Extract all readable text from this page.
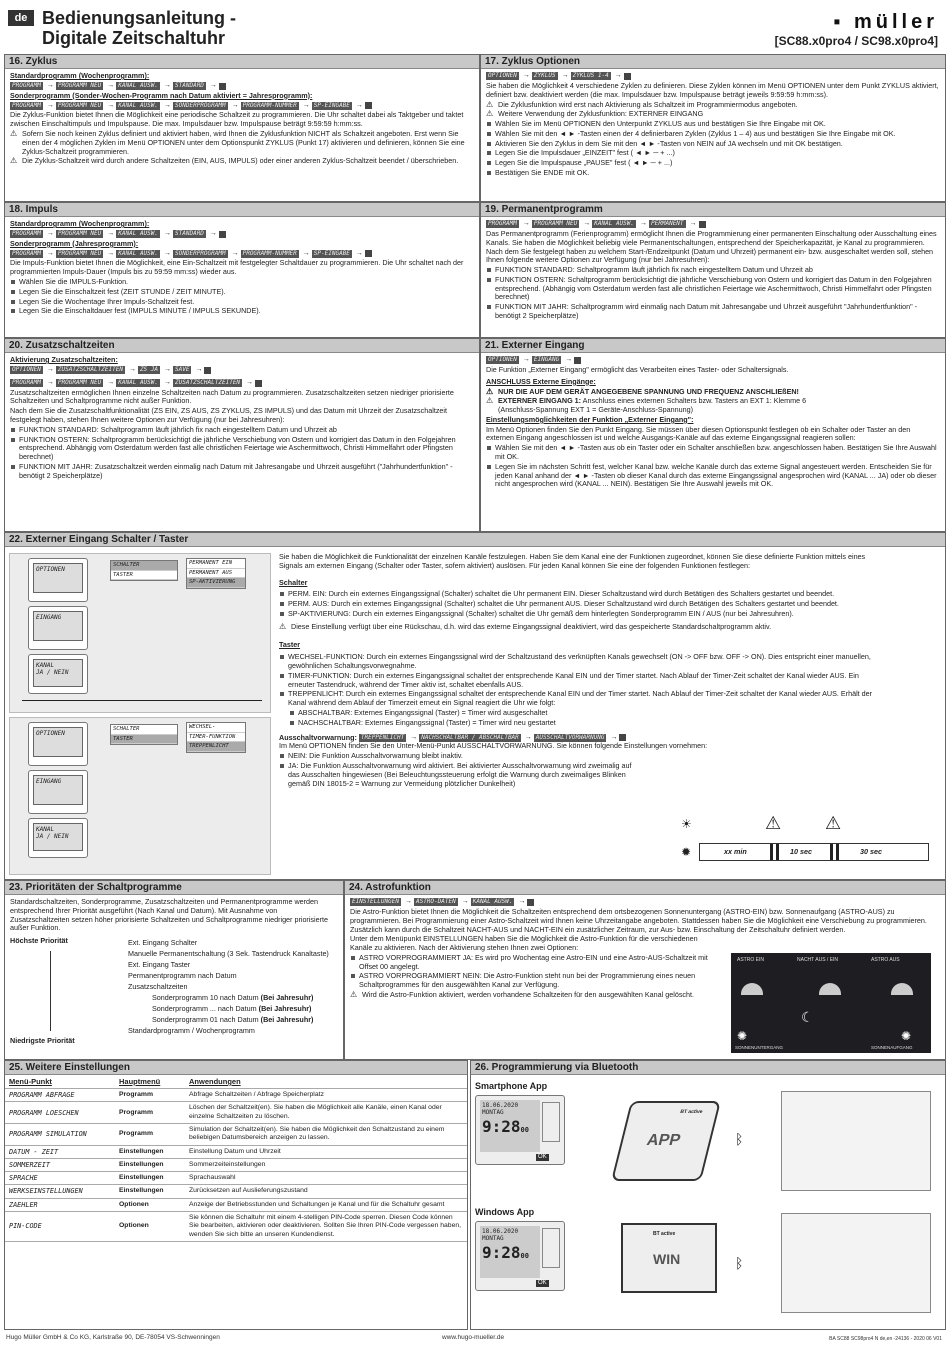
de Bedienungsanleitung -
Digitale Zeitschaltuhr
▪ müller
[SC88.x0pro4 / SC98.x0pro4]
16. Zyklus

Standardprogramm (Wochenprogramm):

PROGRAMM → PROGRAMM NEU → KANAL AUSW. → STANDARD →

Sonderprogramm (Sonder-Wochen-Programm nach Datum aktiviert = Jahresprogramm):

PROGRAMM → PROGRAMM NEU → KANAL AUSW. → SONDERPROGRAMM → PROGRAMM-NUMMER → SP-EINGABE →

Die Zyklus-Funktion bietet Ihnen die Möglichkeit eine periodische Schaltzeit zu programmieren. Die Uhr schaltet dabei als Taktgeber und taktet zwischen Einschaltimpuls und Impulspause. Die max. Impulsdauer bzw. Impulspause beträgt 9:59:59 h:mm:ss.

⚠ Sofern Sie noch keinen Zyklus definiert und aktiviert haben, wird Ihnen die Zyklusfunktion NICHT als Schaltzeit angeboten. Erst wenn Sie einen der 4 möglichen Zyklen im Menü OPTIONEN unter dem Optionspunkt ZYKLUS (Punkt 17) aktivieren und definieren, können Sie eine Zyklus-Schaltzeit programmieren.

⚠ Die Zyklus-Schaltzeit wird durch andere Schaltzeiten (EIN, AUS, IMPULS) oder einer anderen Zyklus-Schaltzeit beendet / überschrieben.

17. Zyklus Optionen

OPTIONEN → ZYKLUS → ZYKLUS 1-4 →

Sie haben die Möglichkeit 4 verschiedene Zyklen zu definieren. Diese Zyklen können im Menü OPTIONEN unter dem Punkt ZYKLUS aktiviert, definiert bzw. deaktiviert werden (die max. Impulsdauer bzw. Impulspause beträgt jeweils 9:59:59 h:mm:ss).

⚠ Die Zyklusfunktion wird erst nach Aktivierung als Schaltzeit im Programmiermodus angeboten.

⚠ Weitere Verwendung der Zyklusfunktion: EXTERNER EINGANG

Wählen Sie im Menü OPTIONEN den Unterpunkt ZYKLUS aus und bestätigen Sie Ihre Eingabe mit OK.

Wählen Sie mit den ◄ ► -Tasten einen der 4 definierbaren Zyklen (Zyklus 1 – 4) aus und bestätigen Sie Ihre Eingabe mit OK.

Aktivieren Sie den Zyklus in dem Sie mit den ◄ ► -Tasten von NEIN auf JA wechseln und mit OK bestätigen.

Legen Sie die Impulsdauer „EINZEIT" fest ( ◄ ► ─ + ...)

Legen Sie die Impulspause „PAUSE" fest ( ◄ ► ─ + ...)

Bestätigen Sie ENDE mit OK.

18. Impuls

Standardprogramm (Wochenprogramm):

PROGRAMM → PROGRAMM NEU → KANAL AUSW. → STANDARD →

Sonderprogramm (Jahresprogramm):

PROGRAMM → PROGRAMM NEU → KANAL AUSW. → SONDERPROGRAMM → PROGRAMM-NUMMER → SP-EINGABE →

Die Impuls-Funktion bietet Ihnen die Möglichkeit, eine Ein-Schaltzeit mit festgelegter Schaltdauer zu programmieren. Die Uhr schaltet nach der programmierten Impuls-Dauer (Impuls bis zu 59:59 mm:ss) wieder aus.

Wählen Sie die IMPULS-Funktion.

Legen Sie die Einschaltzeit fest (ZEIT STUNDE / ZEIT MINUTE).

Legen Sie die Wochentage Ihrer Impuls-Schaltzeit fest.

Legen Sie die Einschaltdauer fest (IMPULS MINUTE / IMPULS SEKUNDE).

19. Permanentprogramm

PROGRAMM → PROGRAMM NEU → KANAL AUSW. → PERMANENT →

Das Permanentprogramm (Ferienprogramm) ermöglicht Ihnen die Programmierung einer permanenten Einschaltung oder Ausschaltung eines Kanals. Sie haben die Möglichkeit beliebig viele Permanentschaltungen, entsprechend der Speicherkapazität, je Kanal zu programmieren. Nach dem Sie festgelegt haben zu welchem Start-/Endzeitpunkt (Datum und Uhrzeit) permanent ein- bzw. ausgeschaltet werden soll, stehen Ihnen folgende weitere Optionen zur Verfügung (nur bei Jahresuhren):

FUNKTION STANDARD: Schaltprogramm läuft jährlich fix nach eingestelltem Datum und Uhrzeit ab

FUNKTION OSTERN: Schaltprogramm berücksichtigt die jährliche Verschiebung von Ostern und korrigiert das Datum in den Folgejahren entsprechend. (Abhängig vom Osterdatum werden fast alle christlichen Feiertage wie Aschermittwoch, Christi Himmelfahrt oder Pfingsten berechnet)

FUNKTION MIT JAHR: Schaltprogramm wird einmalig nach Datum mit Jahresangabe und Uhrzeit ausgeführt "Jahrhundertfunktion" - benötigt 2 Speicherplätze)

20. Zusatzschaltzeiten

Aktivierung Zusatzschaltzeiten:

OPTIONEN → ZUSATZSCHALTZEITEN → ZS JA → SAVE →

PROGRAMM → PROGRAMM NEU → KANAL AUSW. → ZUSATZSCHALTZEITEN →

Zusatzschaltzeiten ermöglichen Ihnen einzelne Schaltzeiten nach Datum zu programmieren. Zusatzschaltzeiten setzen niedriger priorisierte Schaltzeiten und Schaltprogramme nicht außer Funktion.

Nach dem Sie die Zusatzschaltfunktionalität (ZS EIN, ZS AUS, ZS ZYKLUS, ZS IMPULS) und das Datum mit Uhrzeit der Zusatzschaltzeit festgelegt haben, stehen Ihnen weitere Optionen zur Verfügung (nur bei Jahresuhren):

FUNKTION STANDARD: Schaltprogramm läuft jährlich fix nach eingestelltem Datum und Uhrzeit ab

FUNKTION OSTERN: Schaltprogramm berücksichtigt die jährliche Verschiebung von Ostern und korrigiert das Datum in den Folgejahren entsprechend. Abhängig vom Osterdatum werden fast alle christlichen Feiertage wie Aschermittwoch, Christi Himmelfahrt oder Pfingsten berechnet)

FUNKTION MIT JAHR: Zusatzschaltzeit werden einmalig nach Datum mit Jahresangabe und Uhrzeit ausgeführt ("Jahrhundertfunktion" - benötigt 2 Speicherplätze)

21. Externer Eingang

OPTIONEN → EINGANG →

Die Funktion „Externer Eingang" ermöglicht das Verarbeiten eines Taster- oder Schaltersignals.

ANSCHLUSS Externe Eingänge:

⚠ NUR DIE AUF DEM GERÄT ANGEGEBENE SPANNUNG UND FREQUENZ ANSCHLIEßEN!

⚠ EXTERNER EINGANG 1: Anschluss eines externen Schalters bzw. Tasters an EXT 1: Klemme 6
(Anschluss-Spannung EXT 1 = Geräte-Anschluss-Spannung)

Einstellungsmöglichkeiten der Funktion „Externer Eingang":

Im Menü Optionen finden Sie den Punkt Eingang. Sie müssen über diesen Optionspunkt festlegen ob ein Schalter oder Taster an den externen Eingang angeschlossen ist und welche Ausgangs-Kanäle auf das externe Eingangssignal reagieren sollen:

Wählen Sie mit den ◄ ► -Tasten aus ob ein Taster oder ein Schalter anschließen bzw. angeschlossen haben. Bestätigen Sie Ihre Auswahl mit OK.

Legen Sie im nächsten Schritt fest, welcher Kanal bzw. welche Kanäle durch das externe Signal angesteuert werden. Entscheiden Sie für jeden Kanal anhand der ◄ ► -Tasten ob dieser Kanal durch das externe Eingangssignal angesprochen wird (KANAL ... JA) oder ob dieser nicht angesprochen wird (KANAL ... NEIN). Bestätigen Sie Ihre Auswahl jeweils mit OK.

22. Externer Eingang Schalter / Taster
OPTIONEN
EINGANG
KANAL
JA / NEIN
SCHALTER
TASTER
PERMANENT EIN
PERMANENT AUS
SP-AKTIVIERUNG
OPTIONEN
EINGANG
KANAL
JA / NEIN
SCHALTER
TASTER
WECHSEL-
TIMER-FUNKTION
TREPPENLICHT

Sie haben die Möglichkeit die Funktionalität der einzelnen Kanäle festzulegen. Haben Sie dem Kanal eine der Funktionen zugeordnet, können Sie diese definierte Funktion mittels eines Signals am externen Eingang (Schalter oder Taster, sofern aktiviert) auslösen. Für jeden Kanal können Sie eine der folgenden Funktionen festlegen:

Schalter

PERM. EIN: Durch ein externes Eingangssignal (Schalter) schaltet die Uhr permanent EIN. Dieser Schaltzustand wird durch Betätigen des Schalters gestartet und beendet.

PERM. AUS: Durch ein externes Eingangssignal (Schalter) schaltet die Uhr permanent AUS. Dieser Schaltzustand wird durch Betätigen des Schalters gestartet und beendet.

SP-AKTIVIERUNG: Durch ein externes Eingangssignal (Schalter) schaltet die Uhr gemäß dem hinterlegten Sonderprogramm EIN / AUS (nur bei Jahresuhren).

⚠ Diese Einstellung verfügt über eine Rückschau, d.h. wird das externe Eingangssignal deaktiviert, wird das gespeicherte Standardschaltprogramm aktiv.

Taster

WECHSEL-FUNKTION: Durch ein externes Eingangssignal wird der Schaltzustand des verknüpften Kanals gewechselt (ON -> OFF bzw. OFF -> ON). Dies entspricht einer manuellen, gewöhnlichen Schaltungsvorwegnahme.

TIMER-FUNKTION: Durch ein externes Eingangssignal schaltet der entsprechende Kanal EIN und der Timer startet. Nach Ablauf der Timer-Zeit schaltet der Kanal wieder AUS. Ein erneuter Tastendruck, während der Timer aktiv ist, schaltet ebenfalls AUS.

TREPPENLICHT: Durch ein externes Eingangssignal schaltet der entsprechende Kanal EIN und der Timer startet. Nach Ablauf der Timer-Zeit schaltet der Kanal wieder AUS. Erhält der Kanal während dem Ablauf der Timerzeit erneut ein Signal reagiert die Uhr wie folgt:

ABSCHALTBAR: Externes Eingangssignal (Taster) = Timer wird ausgeschaltet

NACHSCHALTBAR: Externes Eingangssignal (Taster) = Timer wird neu gestartet

Ausschaltvorwarnung: TREPPENLICHT → NACHSCHALTBAR / ABSCHALTBAR → AUSSCHALTVORWARNUNG →

Im Menü OPTIONEN finden Sie den Unter-Menü-Punkt AUSSCHALTVORWARNUNG. Sie können folgende Einstellungen vornehmen:

NEIN: Die Funktion Ausschaltvorwarnung bleibt inaktiv.

JA: Die Funktion Ausschaltvorwarnung wird aktiviert. Bei aktivierter Ausschaltvorwarnung wird zweimalig auf das Ausschalten hingewiesen (Bei Beleuchtungssteuerung erfolgt die Warnung durch zweimaliges Blinken gemäß DIN 18015-2 = Warnung zur Vermeidung plötzlicher Dunkelheit)

⚠ ⚠
☀
✹	xx min	10 sec	30 sec
23. Prioritäten der Schaltprogramme

Standardschaltzeiten, Sonderprogramme, Zusatzschaltzeiten und Permanentprogramme werden entsprechend Ihrer Priorität ausgeführt (Nach Kanal und Datum). Mit Ausnahme von Zusatzschaltzeiten setzen höher priorisierte Schaltzeiten und Schaltprogramme niedriger priorisierte außer Funktion.

Höchste Priorität
Niedrigste Priorität
Ext. Eingang Schalter
Manuelle Permanentschaltung (3 Sek. Tastendruck Kanaltaste)
Ext. Eingang Taster
Permanentprogramm nach Datum
Zusatzschaltzeiten
Sonderprogramm 10 nach Datum (Bei Jahresuhr)
Sonderprogramm ... nach Datum (Bei Jahresuhr)
Sonderprogramm 01 nach Datum (Bei Jahresuhr)
Standardprogramm / Wochenprogramm
24. Astrofunktion

EINSTELLUNGEN → ASTRO-DATEN → KANAL AUSW. →

Die Astro-Funktion bietet Ihnen die Möglichkeit die Schaltzeiten entsprechend dem ortsbezogenen Sonnenuntergang (ASTRO-EIN) bzw. Sonnenaufgang (ASTRO-AUS) zu programmieren. Bei Programmierung einer Astro-Schaltzeit wird Ihnen keine Uhrzeitangabe angeboten. Stattdessen haben Sie die Möglichkeit eine Verschiebung zu programmieren. Zusätzlich kann durch die Schaltzeit NACHT-AUS und NACHT-EIN ein zusätzlicher Zeitraum, zur Aus- bzw. Einschaltung der Zeitschaltuhr definiert werden.

Unter dem Menüpunkt EINSTELLUNGEN haben Sie die Möglichkeit die Astro-Funktion für die verschiedenen Kanäle zu aktivieren. Nach der Aktivierung stehen Ihnen zwei Optionen:

ASTRO VORPROGRAMMIERT JA: Es wird pro Wochentag eine Astro-EIN und eine Astro-AUS-Schaltzeit mit Offset 00 angelegt.

ASTRO VORPROGRAMMIERT NEIN: Die Astro-Funktion steht nun bei der Programmierung eines neuen Schaltprogrammes für den ausgewählten Kanal zur Verfügung.

⚠ Wird die Astro-Funktion aktiviert, werden vorhandene Schaltzeiten für den ausgewählten Kanal gelöscht.

ASTRO EIN	NACHT AUS / EIN	ASTRO AUS
☾
✺	✺
SONNENUNTERGANG	SONNENAUFGANG
25. Weitere Einstellungen
Menü-Punkt	Hauptmenü	Anwendungen
PROGRAMM ABFRAGE	Programm	Abfrage Schaltzeiten / Abfrage Speicherplatz
PROGRAMM LOESCHEN	Programm	Löschen der Schaltzeit(en). Sie haben die Möglichkeit alle Kanäle, einen Kanal oder einzelne Schaltzeiten zu löschen.
PROGRAMM SIMULATION	Programm	Simulation der Schaltzeit(en). Sie haben die Möglichkeit den Schaltzustand zu einem beliebigen Datumsbereich anzeigen zu lassen.
DATUM - ZEIT	Einstellungen	Einstellung Datum und Uhrzeit
SOMMERZEIT	Einstellungen	Sommerzeiteinstellungen
SPRACHE	Einstellungen	Sprachauswahl
WERKSEINSTELLUNGEN	Einstellungen	Zurücksetzen auf Auslieferungszustand
ZAEHLER	Optionen	Anzeige der Betriebsstunden und Schaltungen je Kanal und für die Schaltuhr gesamt
PIN-CODE	Optionen	Sie können die Schaltuhr mit einem 4-stelligen PIN-Code sperren. Diesen Code können Sie bearbeiten, aktivieren oder deaktivieren. Sollten Sie Ihren PIN-Code vergessen haben, wenden Sie sich bitte an unseren Kundendienst.
26. Programmierung via Bluetooth
Smartphone App
Windows App
18.06.2020
MONTAG
9:2800
OK
APP
BT active
ᛒ
18.06.2020
MONTAG
9:2800
OK
WIN
BT active
ᛒ
Hugo Müller GmbH & Co KG, Karlstraße 90, DE-78054 VS-Schwenningen	www.hugo-mueller.de	BA SC88 SC98pro4 N de,en -24136 - 2020 06 V01
